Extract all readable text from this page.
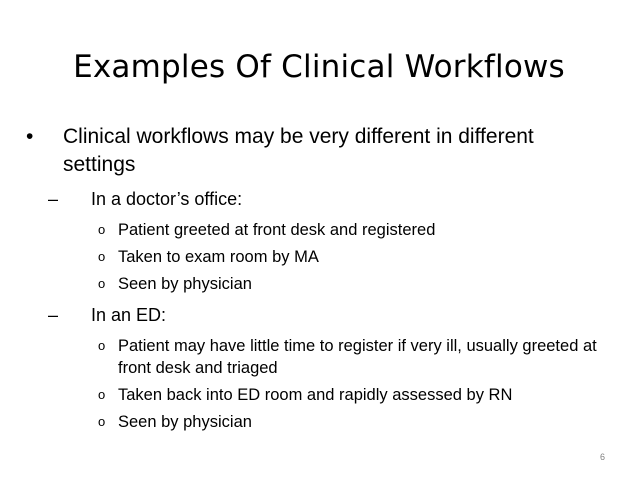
Examples Of Clinical Workflows
• Clinical workflows may be very different in different settings
– In a doctor’s office:
o Patient greeted at front desk and registered
o Taken to exam room by MA
o Seen by physician
– In an ED:
o Patient may have little time to register if very ill, usually greeted at front desk and triaged
o Taken back into ED room and rapidly assessed by RN
o Seen by physician
6
